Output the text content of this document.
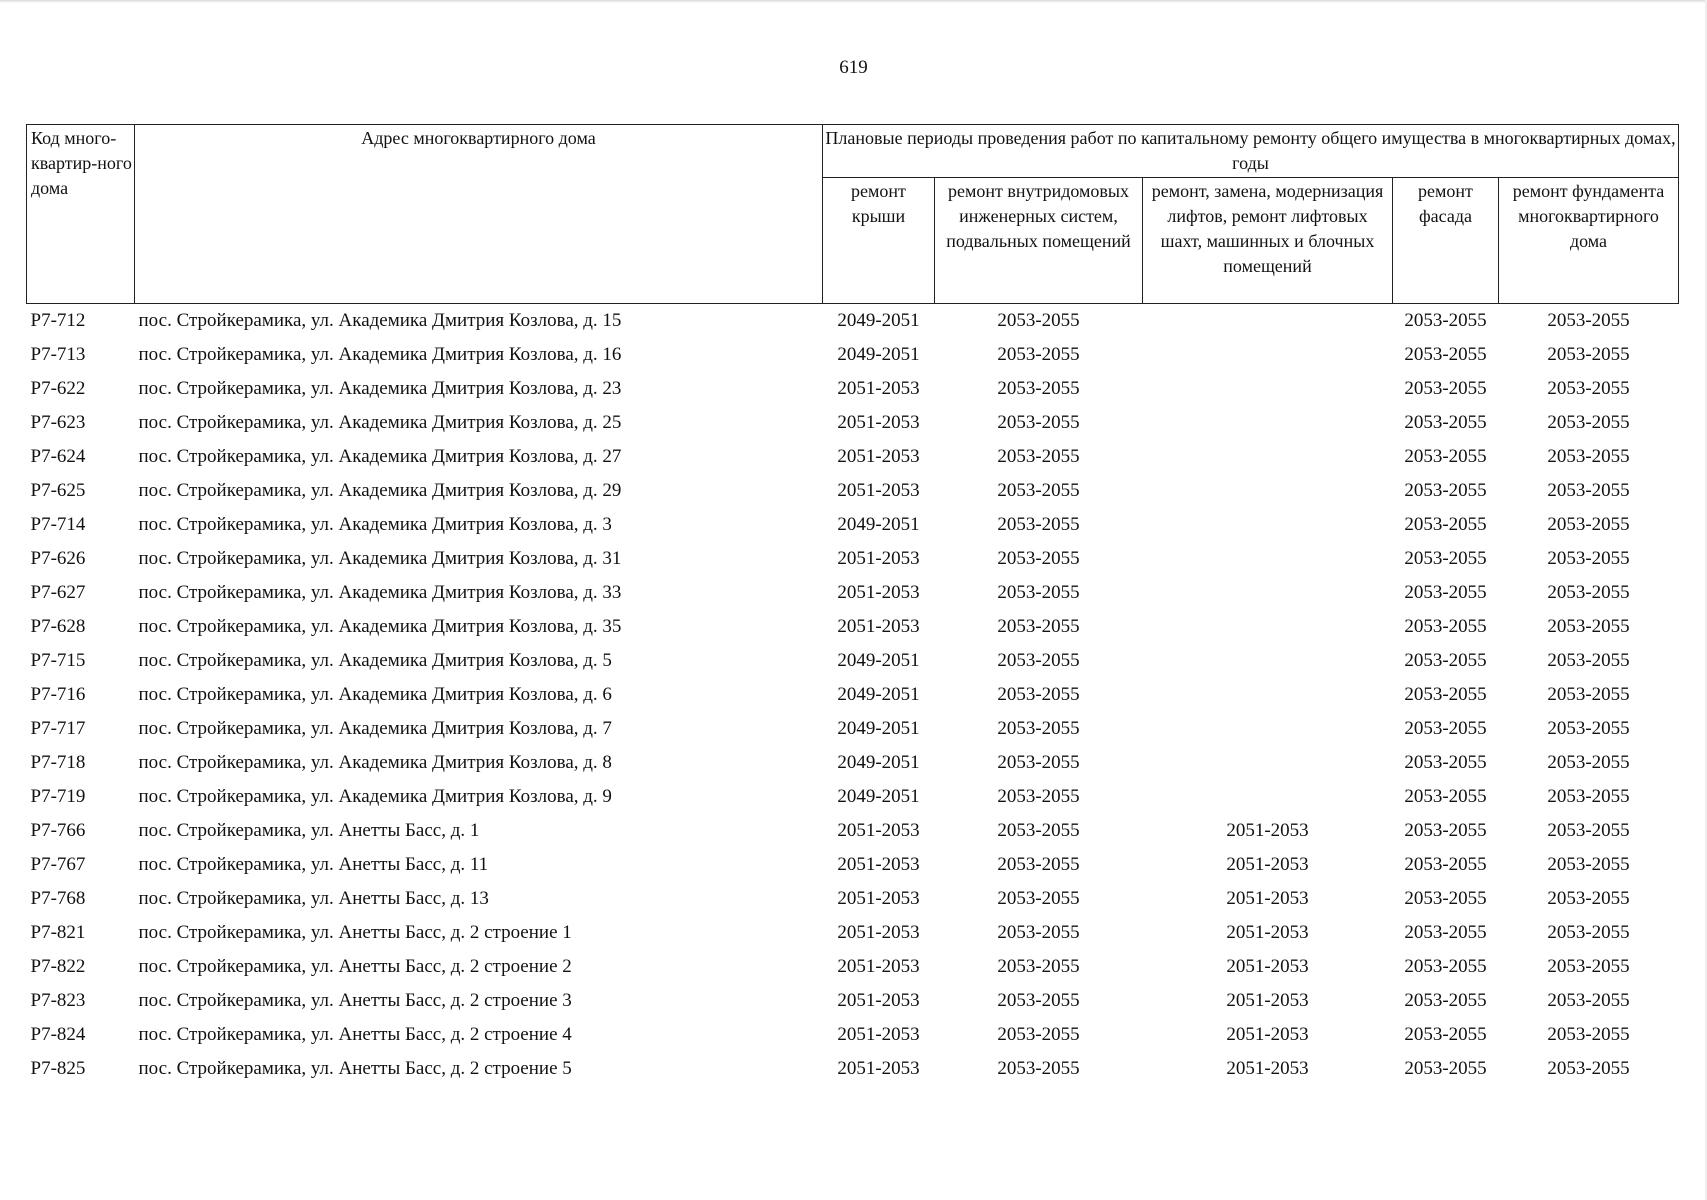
619
Код много-квартир-ного дома	Адрес многоквартирного дома	Плановые периоды проведения работ по капитальному ремонту общего имущества в многоквартирных домах, годы				
		ремонт крыши	ремонт внутридомовых инженерных систем, подвальных помещений	ремонт, замена, модернизация лифтов, ремонт лифтовых шахт, машинных и блочных помещений	ремонт фасада	ремонт фундамента многоквартирного дома
Р7-712	пос. Стройкерамика, ул. Академика Дмитрия Козлова, д. 15	2049-2051	2053-2055		2053-2055	2053-2055
Р7-713	пос. Стройкерамика, ул. Академика Дмитрия Козлова, д. 16	2049-2051	2053-2055		2053-2055	2053-2055
Р7-622	пос. Стройкерамика, ул. Академика Дмитрия Козлова, д. 23	2051-2053	2053-2055		2053-2055	2053-2055
Р7-623	пос. Стройкерамика, ул. Академика Дмитрия Козлова, д. 25	2051-2053	2053-2055		2053-2055	2053-2055
Р7-624	пос. Стройкерамика, ул. Академика Дмитрия Козлова, д. 27	2051-2053	2053-2055		2053-2055	2053-2055
Р7-625	пос. Стройкерамика, ул. Академика Дмитрия Козлова, д. 29	2051-2053	2053-2055		2053-2055	2053-2055
Р7-714	пос. Стройкерамика, ул. Академика Дмитрия Козлова, д. 3	2049-2051	2053-2055		2053-2055	2053-2055
Р7-626	пос. Стройкерамика, ул. Академика Дмитрия Козлова, д. 31	2051-2053	2053-2055		2053-2055	2053-2055
Р7-627	пос. Стройкерамика, ул. Академика Дмитрия Козлова, д. 33	2051-2053	2053-2055		2053-2055	2053-2055
Р7-628	пос. Стройкерамика, ул. Академика Дмитрия Козлова, д. 35	2051-2053	2053-2055		2053-2055	2053-2055
Р7-715	пос. Стройкерамика, ул. Академика Дмитрия Козлова, д. 5	2049-2051	2053-2055		2053-2055	2053-2055
Р7-716	пос. Стройкерамика, ул. Академика Дмитрия Козлова, д. 6	2049-2051	2053-2055		2053-2055	2053-2055
Р7-717	пос. Стройкерамика, ул. Академика Дмитрия Козлова, д. 7	2049-2051	2053-2055		2053-2055	2053-2055
Р7-718	пос. Стройкерамика, ул. Академика Дмитрия Козлова, д. 8	2049-2051	2053-2055		2053-2055	2053-2055
Р7-719	пос. Стройкерамика, ул. Академика Дмитрия Козлова, д. 9	2049-2051	2053-2055		2053-2055	2053-2055
Р7-766	пос. Стройкерамика, ул. Анетты Басс, д. 1	2051-2053	2053-2055	2051-2053	2053-2055	2053-2055
Р7-767	пос. Стройкерамика, ул. Анетты Басс, д. 11	2051-2053	2053-2055	2051-2053	2053-2055	2053-2055
Р7-768	пос. Стройкерамика, ул. Анетты Басс, д. 13	2051-2053	2053-2055	2051-2053	2053-2055	2053-2055
Р7-821	пос. Стройкерамика, ул. Анетты Басс, д. 2 строение 1	2051-2053	2053-2055	2051-2053	2053-2055	2053-2055
Р7-822	пос. Стройкерамика, ул. Анетты Басс, д. 2 строение 2	2051-2053	2053-2055	2051-2053	2053-2055	2053-2055
Р7-823	пос. Стройкерамика, ул. Анетты Басс, д. 2 строение 3	2051-2053	2053-2055	2051-2053	2053-2055	2053-2055
Р7-824	пос. Стройкерамика, ул. Анетты Басс, д. 2 строение 4	2051-2053	2053-2055	2051-2053	2053-2055	2053-2055
Р7-825	пос. Стройкерамика, ул. Анетты Басс, д. 2 строение 5	2051-2053	2053-2055	2051-2053	2053-2055	2053-2055
